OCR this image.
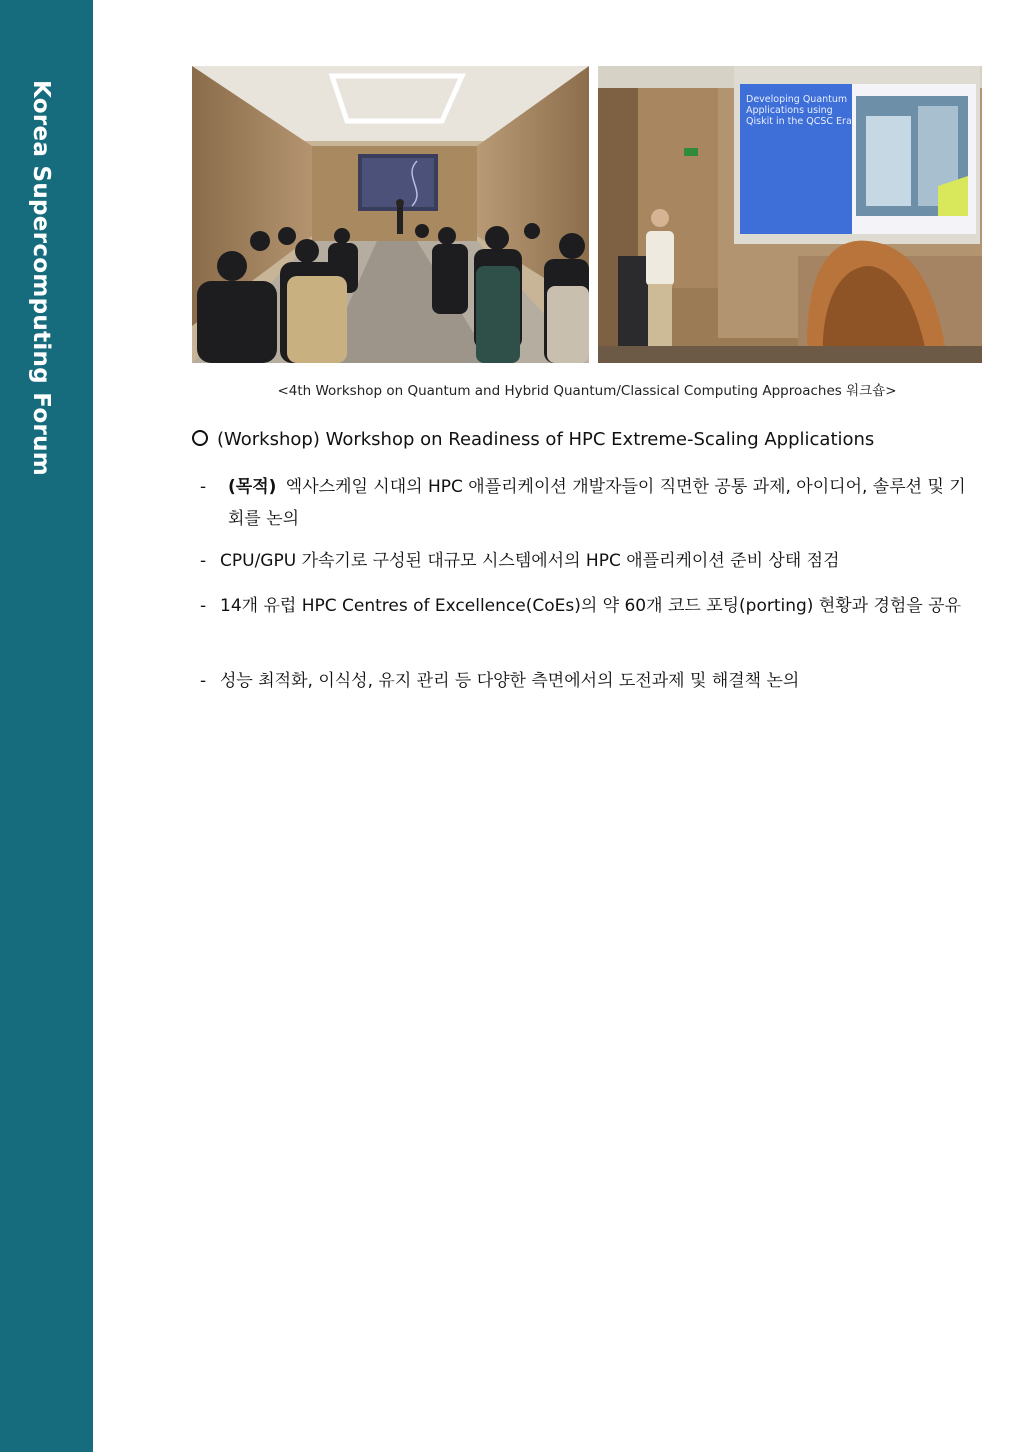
Korea Supercomputing Forum	Developing Quantum Applications using Qiskit in the QCSC Era
<4th Workshop on Quantum and Hybrid Quantum/Classical Computing Approaches 워크숍>
(Workshop) Workshop on Readiness of HPC Extreme-Scaling Applications
-	(목적) 엑사스케일 시대의 HPC 애플리케이션 개발자들이 직면한 공통 과제, 아이디어, 솔루션 및 기회를 논의
- CPU/GPU 가속기로 구성된 대규모 시스템에서의 HPC 애플리케이션 준비 상태 점검
- 14개 유럽 HPC Centres of Excellence(CoEs)의 약 60개 코드 포팅(porting) 현황과 경험을 공유
- 성능 최적화, 이식성, 유지 관리 등 다양한 측면에서의 도전과제 및 해결책 논의
